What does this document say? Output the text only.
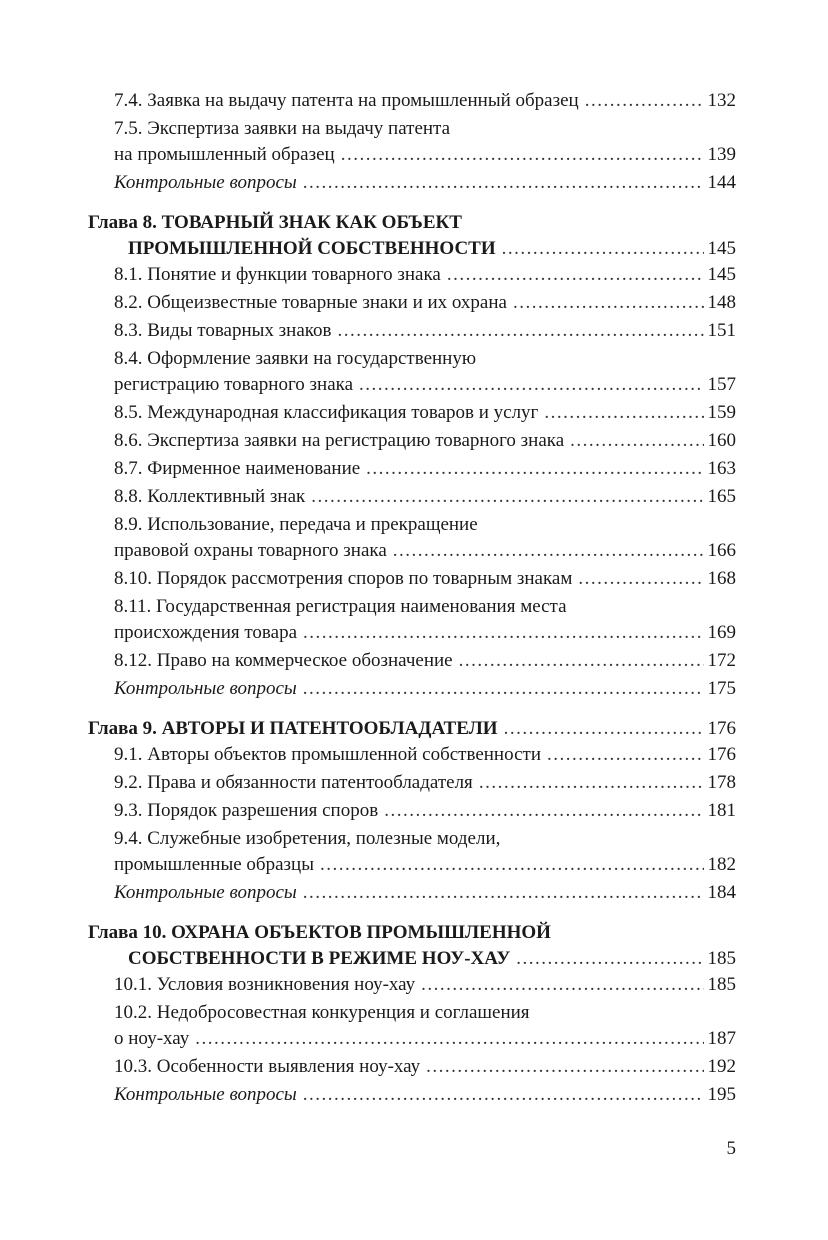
7.4. Заявка на выдачу патента на промышленный образец .....	132
7.5. Экспертиза заявки на выдачу патента
на промышленный образец .....	139
Контрольные вопросы .....	144
Глава 8. ТОВАРНЫЙ ЗНАК КАК ОБЪЕКТ
ПРОМЫШЛЕННОЙ СОБСТВЕННОСТИ .....	145
8.1. Понятие и функции товарного знака .....	145
8.2. Общеизвестные товарные знаки и их охрана .....	148
8.3. Виды товарных знаков .....	151
8.4. Оформление заявки на государственную
регистрацию товарного знака .....	157
8.5. Международная классификация товаров и услуг .....	159
8.6. Экспертиза заявки на регистрацию товарного знака .....	160
8.7. Фирменное наименование .....	163
8.8. Коллективный знак .....	165
8.9. Использование, передача и прекращение
правовой охраны товарного знака .....	166
8.10. Порядок рассмотрения споров по товарным знакам .....	168
8.11. Государственная регистрация наименования места
происхождения товара .....	169
8.12. Право на коммерческое обозначение .....	172
Контрольные вопросы .....	175
Глава 9. АВТОРЫ И ПАТЕНТООБЛАДАТЕЛИ .....	176
9.1. Авторы объектов промышленной собственности .....	176
9.2. Права и обязанности патентообладателя .....	178
9.3. Порядок разрешения споров .....	181
9.4. Служебные изобретения, полезные модели,
промышленные образцы .....	182
Контрольные вопросы .....	184
Глава 10. ОХРАНА ОБЪЕКТОВ ПРОМЫШЛЕННОЙ
СОБСТВЕННОСТИ В РЕЖИМЕ НОУ-ХАУ .....	185
10.1. Условия возникновения ноу-хау .....	185
10.2. Недобросовестная конкуренция и соглашения
о ноу-хау .....	187
10.3. Особенности выявления ноу-хау .....	192
Контрольные вопросы .....	195
5
